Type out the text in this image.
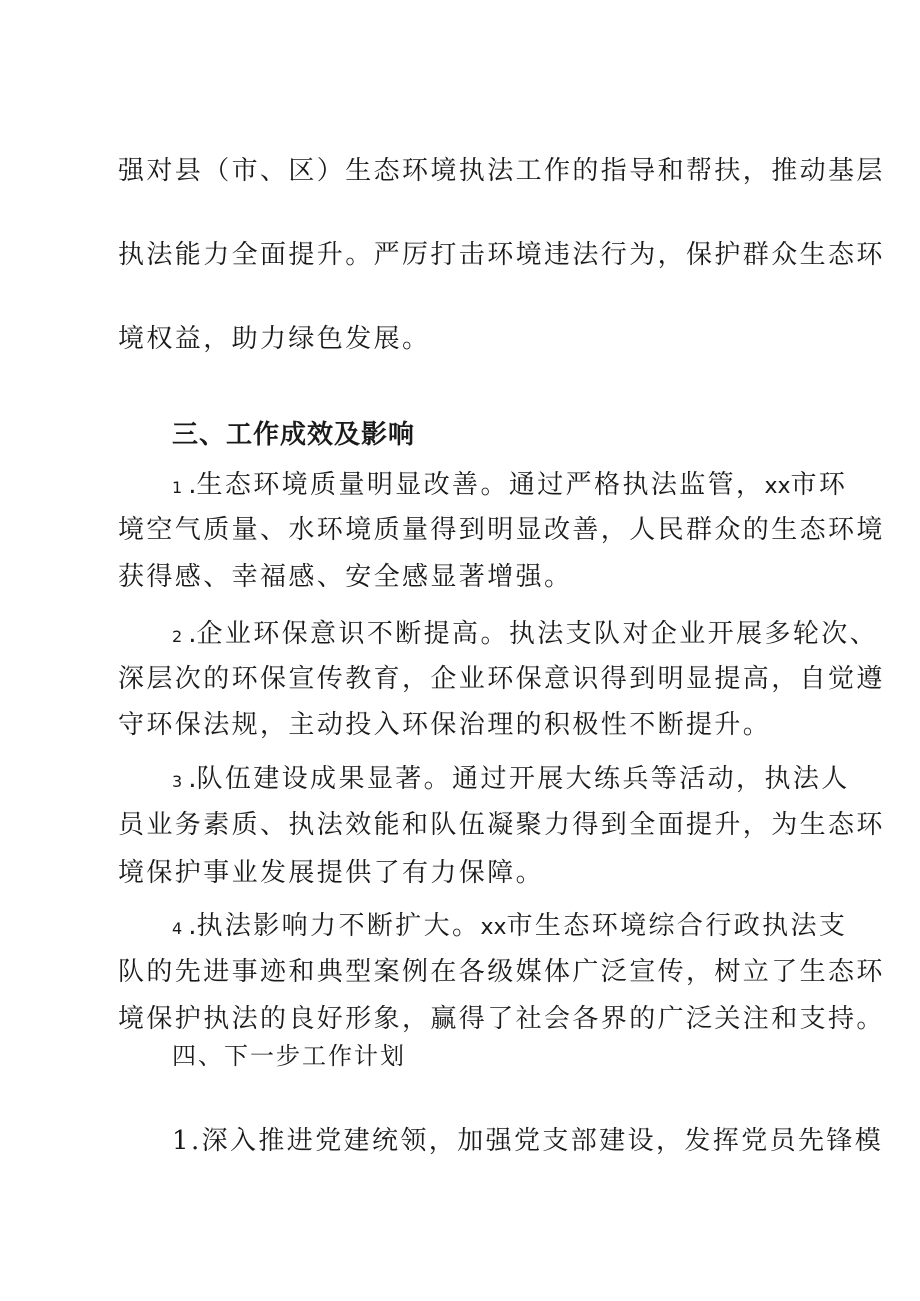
强对县（市、区）生态环境执法工作的指导和帮扶，推动基层
执法能力全面提升。严厉打击环境违法行为，保护群众生态环
境权益，助力绿色发展。
三、工作成效及影响
1 .生态环境质量明显改善。通过严格执法监管，xx市环
境空气质量、水环境质量得到明显改善，人民群众的生态环境
获得感、幸福感、安全感显著增强。
2 .企业环保意识不断提高。执法支队对企业开展多轮次、
深层次的环保宣传教育，企业环保意识得到明显提高，自觉遵
守环保法规，主动投入环保治理的积极性不断提升。
3 .队伍建设成果显著。通过开展大练兵等活动，执法人
员业务素质、执法效能和队伍凝聚力得到全面提升，为生态环
境保护事业发展提供了有力保障。
4 .执法影响力不断扩大。xx市生态环境综合行政执法支
队的先进事迹和典型案例在各级媒体广泛宣传，树立了生态环
境保护执法的良好形象，赢得了社会各界的广泛关注和支持。
四、下一步工作计划
1.深入推进党建统领，加强党支部建设，发挥党员先锋模
